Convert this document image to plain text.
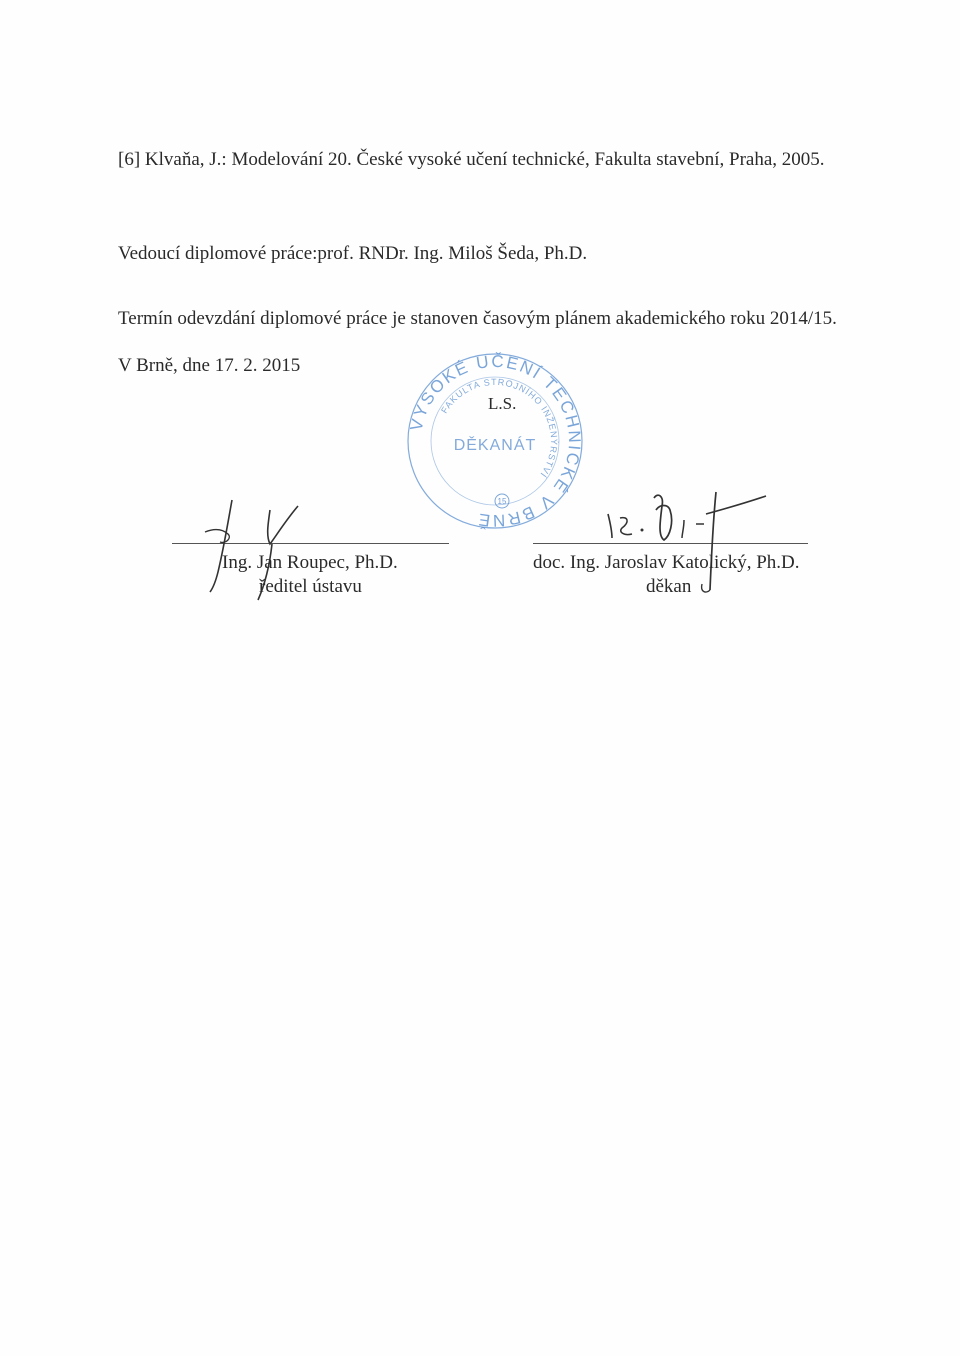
[6] Klvaňa, J.: Modelování 20. České vysoké učení technické, Fakulta stavební, Praha, 2005.
Vedoucí diplomové práce:prof. RNDr. Ing. Miloš Šeda, Ph.D.
Termín odevzdání diplomové práce je stanoven časovým plánem akademického roku 2014/15.
V Brně, dne 17. 2. 2015
VYSOKÉ UČENÍ TECHNICKÉ V BRNĚ
FAKULTA STROJNÍHO INŽENÝRSTVÍ
DĚKANÁT
15
L.S.
Ing. Jan Roupec, Ph.D.
ředitel ústavu
doc. Ing. Jaroslav Katolický, Ph.D.
děkan
